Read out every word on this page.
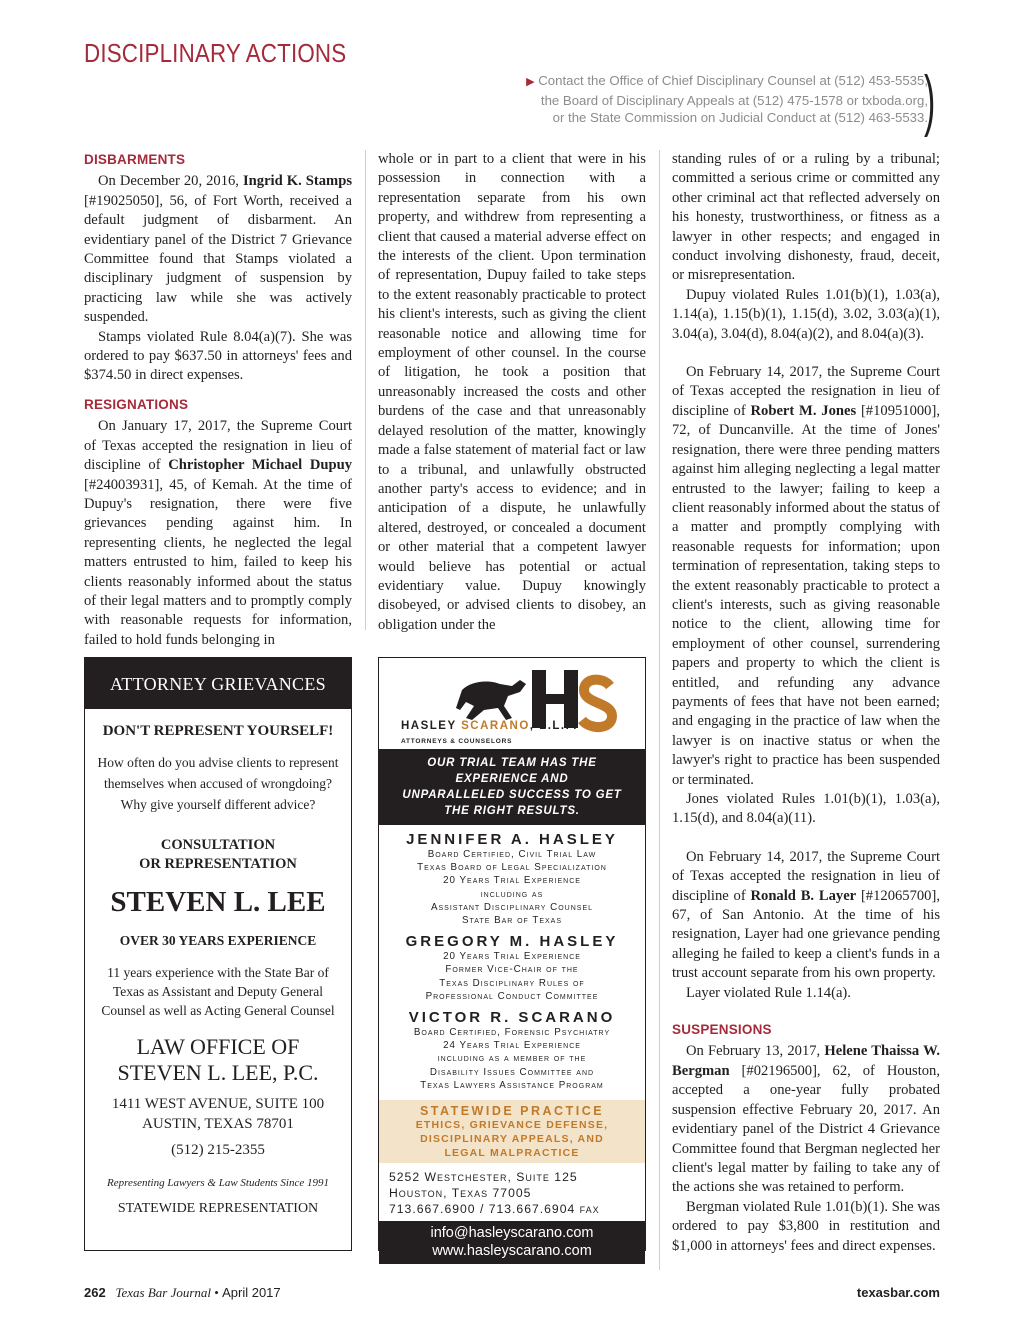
DISCIPLINARY ACTIONS
▶ Contact the Office of Chief Disciplinary Counsel at (512) 453-5535,
the Board of Disciplinary Appeals at (512) 475-1578 or txboda.org,
or the State Commission on Judicial Conduct at (512) 463-5533.
)
DISBARMENTS

On December 20, 2016, Ingrid K. Stamps [#19025050], 56, of Fort Worth, received a default judgment of disbarment. An evidentiary panel of the District 7 Grievance Committee found that Stamps violated a disciplinary judgment of suspension by practicing law while she was actively suspended.

Stamps violated Rule 8.04(a)(7). She was ordered to pay $637.50 in attorneys' fees and $374.50 in direct expenses.

RESIGNATIONS

On January 17, 2017, the Supreme Court of Texas accepted the resignation in lieu of discipline of Christopher Michael Dupuy [#24003931], 45, of Kemah. At the time of Dupuy's resignation, there were five grievances pending against him. In representing clients, he neglected the legal matters entrusted to him, failed to keep his clients reasonably informed about the status of their legal matters and to promptly comply with reasonable requests for information, failed to hold funds belonging in

whole or in part to a client that were in his possession in connection with a representation separate from his own property, and withdrew from representing a client that caused a material adverse effect on the interests of the client. Upon termination of representation, Dupuy failed to take steps to the extent reasonably practicable to protect his client's interests, such as giving the client reasonable notice and allowing time for employment of other counsel. In the course of litigation, he took a position that unreasonably increased the costs and other burdens of the case and that unreasonably delayed resolution of the matter, knowingly made a false statement of material fact or law to a tribunal, and unlawfully obstructed another party's access to evidence; and in anticipation of a dispute, he unlawfully altered, destroyed, or concealed a document or other material that a competent lawyer would believe has potential or actual evidentiary value. Dupuy knowingly disobeyed, or advised clients to disobey, an obligation under the

standing rules of or a ruling by a tribunal; committed a serious crime or committed any other criminal act that reflected adversely on his honesty, trustworthiness, or fitness as a lawyer in other respects; and engaged in conduct involving dishonesty, fraud, deceit, or misrepresentation.

Dupuy violated Rules 1.01(b)(1), 1.03(a), 1.14(a), 1.15(b)(1), 1.15(d), 3.02, 3.03(a)(1), 3.04(a), 3.04(d), 8.04(a)(2), and 8.04(a)(3).

On February 14, 2017, the Supreme Court of Texas accepted the resignation in lieu of discipline of Robert M. Jones [#10951000], 72, of Duncanville. At the time of Jones' resignation, there were three pending matters against him alleging neglecting a legal matter entrusted to the lawyer; failing to keep a client reasonably informed about the status of a matter and promptly complying with reasonable requests for information; upon termination of representation, taking steps to the extent reasonably practicable to protect a client's interests, such as giving reasonable notice to the client, allowing time for employment of other counsel, surrendering papers and property to which the client is entitled, and refunding any advance payments of fees that have not been earned; and engaging in the practice of law when the lawyer is on inactive status or when the lawyer's right to practice has been suspended or terminated.

Jones violated Rules 1.01(b)(1), 1.03(a), 1.15(d), and 8.04(a)(11).

On February 14, 2017, the Supreme Court of Texas accepted the resignation in lieu of discipline of Ronald B. Layer [#12065700], 67, of San Antonio. At the time of his resignation, Layer had one grievance pending alleging he failed to keep a client's funds in a trust account separate from his own property.

Layer violated Rule 1.14(a).

SUSPENSIONS

On February 13, 2017, Helene Thaissa W. Bergman [#02196500], 62, of Houston, accepted a one-year fully probated suspension effective February 20, 2017. An evidentiary panel of the District 4 Grievance Committee found that Bergman neglected her client's legal matter by failing to take any of the actions she was retained to perform.

Bergman violated Rule 1.01(b)(1). She was ordered to pay $3,800 in restitution and $1,000 in attorneys' fees and direct expenses.

ATTORNEY GRIEVANCES
DON'T REPRESENT YOURSELF!
How often do you advise clients to represent
themselves when accused of wrongdoing?
Why give yourself different advice?
CONSULTATION
OR REPRESENTATION
STEVEN L. LEE
OVER 30 YEARS EXPERIENCE
11 years experience with the State Bar of
Texas as Assistant and Deputy General
Counsel as well as Acting General Counsel
LAW OFFICE OF
STEVEN L. LEE, P.C.
1411 WEST AVENUE, SUITE 100
AUSTIN, TEXAS 78701
(512) 215-2355
Representing Lawyers & Law Students Since 1991
STATEWIDE REPRESENTATION
HASLEY SCARANO, L.L.P.
ATTORNEYS & COUNSELORS
OUR TRIAL TEAM HAS THE
EXPERIENCE AND
UNPARALLELED SUCCESS TO GET
THE RIGHT RESULTS.
JENNIFER A. HASLEY
Board Certified, Civil Trial Law
Texas Board of Legal Specialization
20 Years Trial Experience
including as
Assistant Disciplinary Counsel
State Bar of Texas
GREGORY M. HASLEY
20 Years Trial Experience
Former Vice-Chair of the
Texas Disciplinary Rules of
Professional Conduct Committee
VICTOR R. SCARANO
Board Certified, Forensic Psychiatry
24 Years Trial Experience
including as a member of the
Disability Issues Committee and
Texas Lawyers Assistance Program
STATEWIDE PRACTICE
ETHICS, GRIEVANCE DEFENSE,
DISCIPLINARY APPEALS, AND
LEGAL MALPRACTICE
5252 Westchester, Suite 125
Houston, Texas 77005
713.667.6900 / 713.667.6904 fax
info@hasleyscarano.com
www.hasleyscarano.com
262 Texas Bar Journal • April 2017	texasbar.com
